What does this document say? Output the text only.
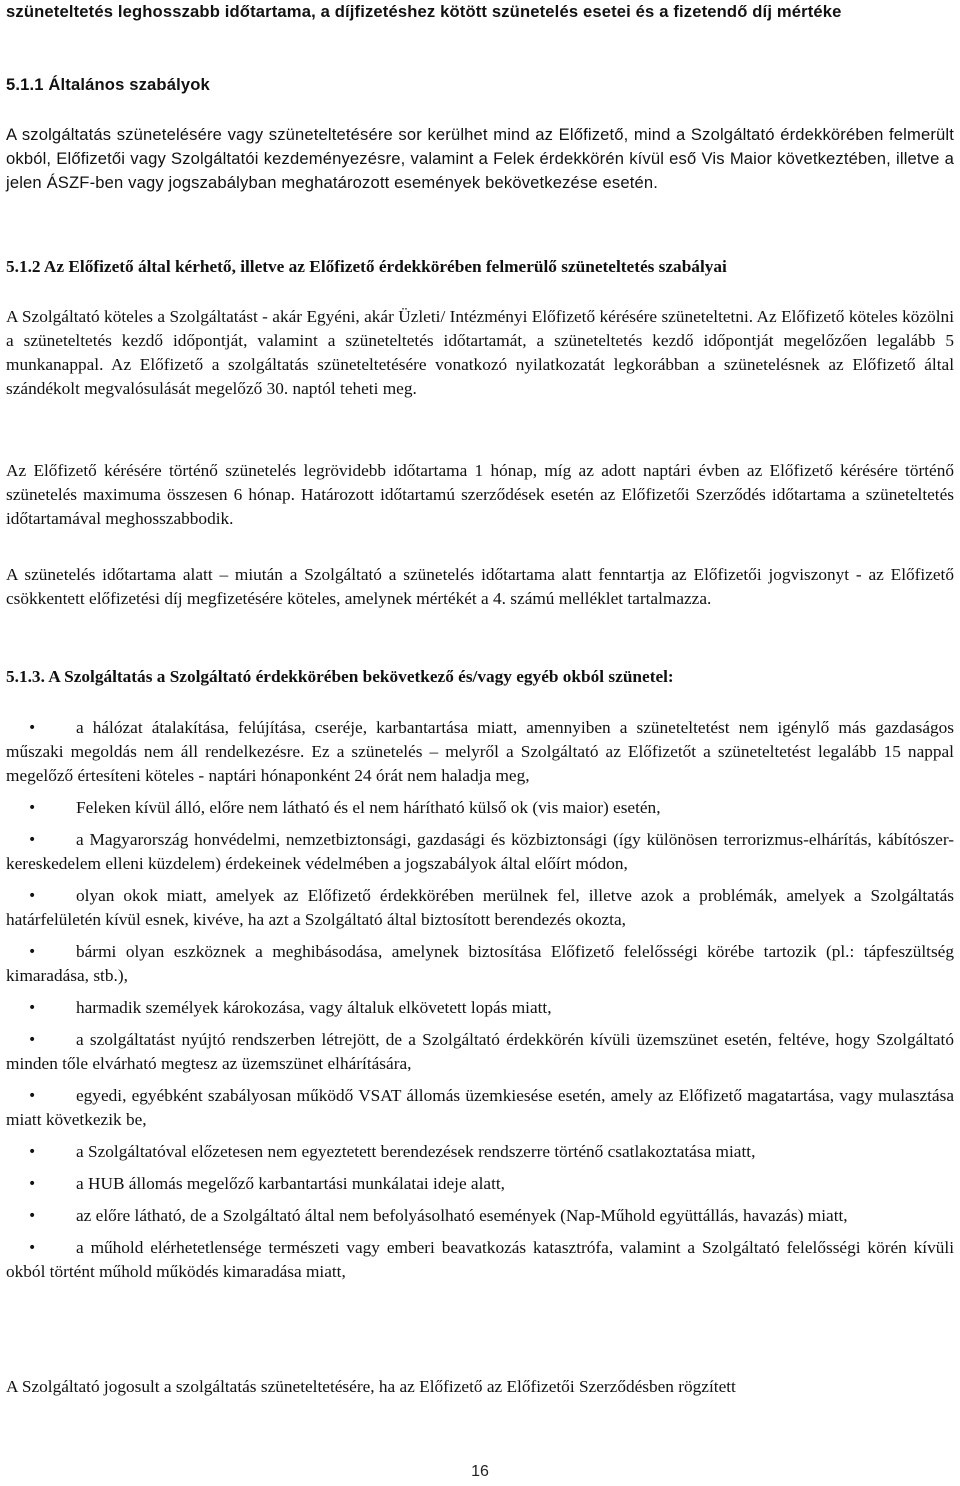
szüneteltetés leghosszabb időtartama, a díjfizetéshez kötött szünetelés esetei és a fizetendő díj mértéke

5.1.1 Általános szabályok

A szolgáltatás szünetelésére vagy szüneteltetésére sor kerülhet mind az Előfizető, mind a Szolgáltató érdekkörében felmerült okból, Előfizetői vagy Szolgáltatói kezdeményezésre, valamint a Felek érdekkörén kívül eső Vis Maior következtében, illetve a jelen ÁSZF-ben vagy jogszabályban meghatározott események bekövetkezése esetén.

5.1.2 Az Előfizető által kérhető, illetve az Előfizető érdekkörében felmerülő szüneteltetés szabályai

A Szolgáltató köteles a Szolgáltatást - akár Egyéni, akár Üzleti/ Intézményi Előfizető kérésére szüneteltetni. Az Előfizető köteles közölni a szüneteltetés kezdő időpontját, valamint a szüneteltetés időtartamát, a szüneteltetés kezdő időpontját megelőzően legalább 5 munkanappal. Az Előfizető a szolgáltatás szüneteltetésére vonatkozó nyilatkozatát legkorábban a szünetelésnek az Előfizető által szándékolt megvalósulását megelőző 30. naptól teheti meg.

Az Előfizető kérésére történő szünetelés legrövidebb időtartama 1 hónap, míg az adott naptári évben az Előfizető kérésére történő szünetelés maximuma összesen 6 hónap. Határozott időtartamú szerződések esetén az Előfizetői Szerződés időtartama a szüneteltetés időtartamával meghosszabbodik.

A szünetelés időtartama alatt – miután a Szolgáltató a szünetelés időtartama alatt fenntartja az Előfizetői jogviszonyt - az Előfizető csökkentett előfizetési díj megfizetésére köteles, amelynek mértékét a 4. számú melléklet tartalmazza.

5.1.3. A Szolgáltatás a Szolgáltató érdekkörében bekövetkező és/vagy egyéb okból szünetel:

•	a hálózat átalakítása, felújítása, cseréje, karbantartása miatt, amennyiben a szüneteltetést nem igénylő más gazdaságos műszaki megoldás nem áll rendelkezésre. Ez a szünetelés – melyről a Szolgáltató az Előfizetőt a szüneteltetést legalább 15 nappal megelőző értesíteni köteles - naptári hónaponként 24 órát nem haladja meg,
•	Feleken kívül álló, előre nem látható és el nem hárítható külső ok (vis maior) esetén,
•	a Magyarország honvédelmi, nemzetbiztonsági, gazdasági és közbiztonsági (így különösen terrorizmus-elhárítás, kábítószer-kereskedelem elleni küzdelem) érdekeinek védelmében a jogszabályok által előírt módon,
•	olyan okok miatt, amelyek az Előfizető érdekkörében merülnek fel, illetve azok a problémák, amelyek a Szolgáltatás határfelületén kívül esnek, kivéve, ha azt a Szolgáltató által biztosított berendezés okozta,
•	bármi olyan eszköznek a meghibásodása, amelynek biztosítása Előfizető felelősségi körébe tartozik (pl.: tápfeszültség kimaradása, stb.),
•	harmadik személyek károkozása, vagy általuk elkövetett lopás miatt,
•	a szolgáltatást nyújtó rendszerben létrejött, de a Szolgáltató érdekkörén kívüli üzemszünet esetén, feltéve, hogy Szolgáltató minden tőle elvárható megtesz az üzemszünet elhárítására,
•	egyedi, egyébként szabályosan működő VSAT állomás üzemkiesése esetén, amely az Előfizető magatartása, vagy mulasztása miatt következik be,
•	a Szolgáltatóval előzetesen nem egyeztetett berendezések rendszerre történő csatlakoztatása miatt,
•	a HUB állomás megelőző karbantartási munkálatai ideje alatt,
•	az előre látható, de a Szolgáltató által nem befolyásolható események (Nap-Műhold együttállás, havazás) miatt,
•	a műhold elérhetetlensége természeti vagy emberi beavatkozás katasztrófa, valamint a Szolgáltató felelősségi körén kívüli okból történt műhold működés kimaradása miatt,

A Szolgáltató jogosult a szolgáltatás szüneteltetésére, ha az Előfizető az Előfizetői Szerződésben rögzített

16
